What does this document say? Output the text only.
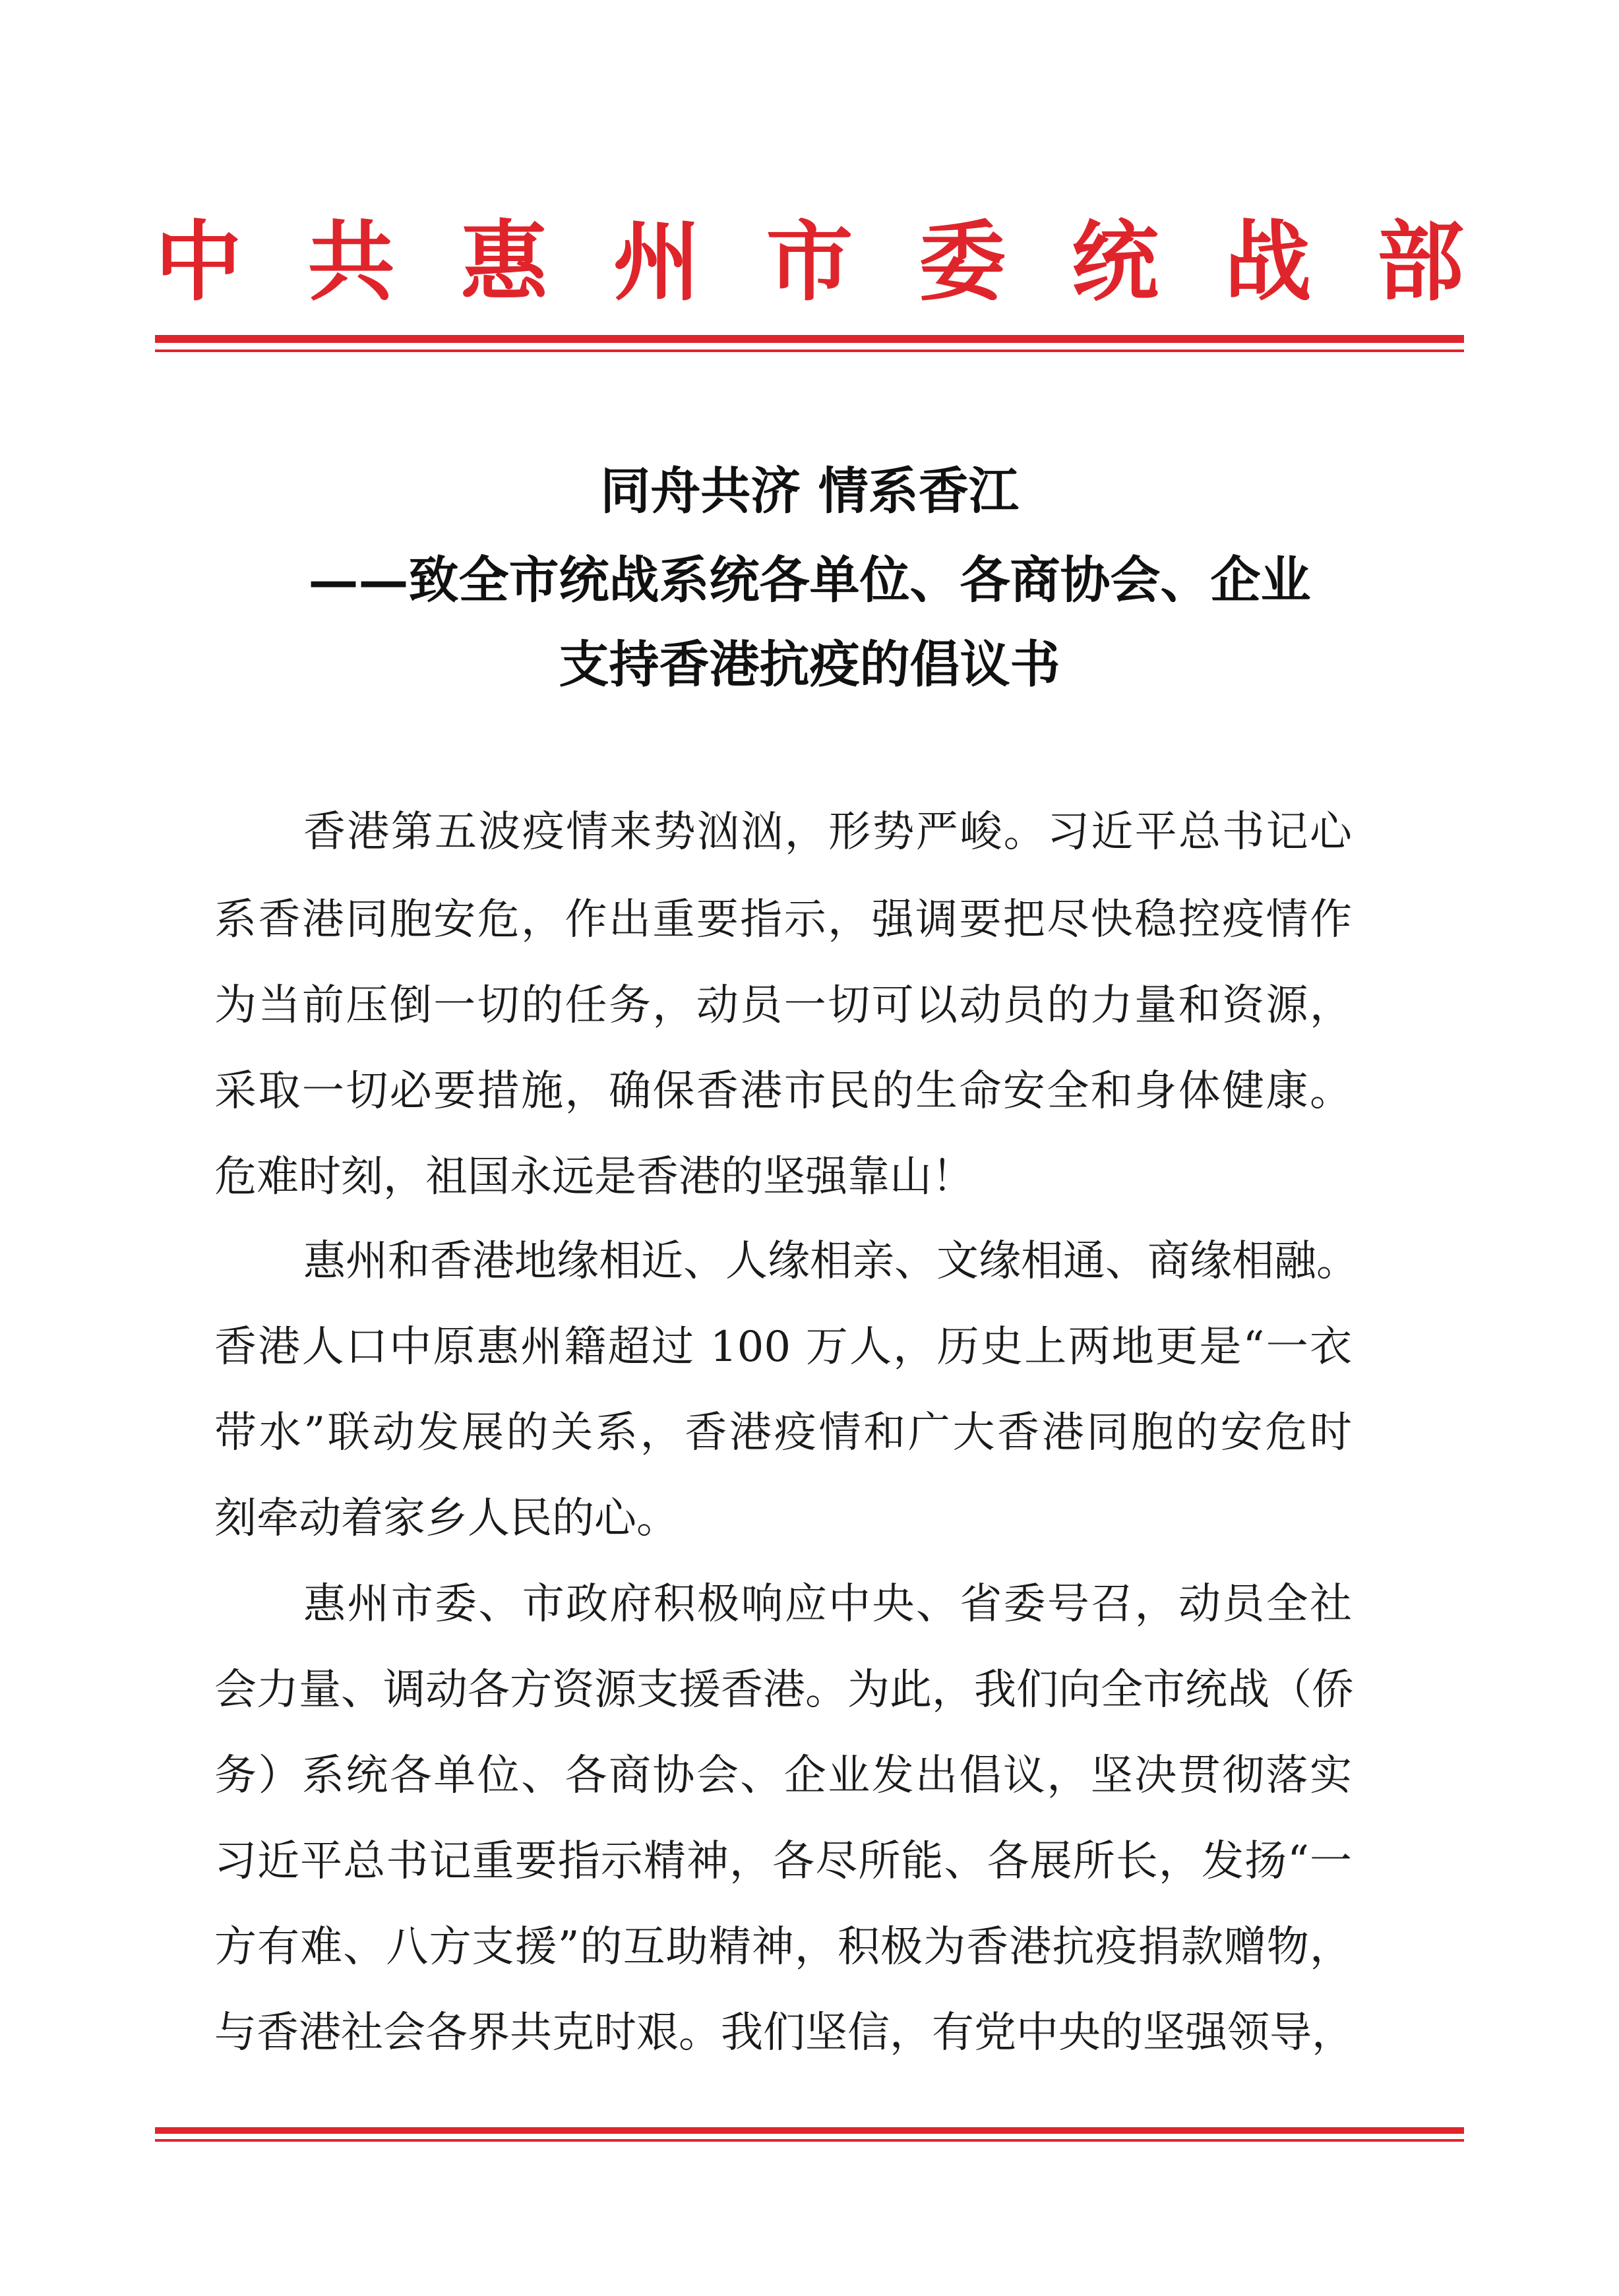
中 共 惠 州 市 委 统 战 部
同舟共济 情系香江
——致全市统战系统各单位、各商协会、企业
支持香港抗疫的倡议书
香港第五波疫情来势汹汹，形势严峻。习近平总书记心
系香港同胞安危，作出重要指示，强调要把尽快稳控疫情作
为当前压倒一切的任务，动员一切可以动员的力量和资源，
采取一切必要措施，确保香港市民的生命安全和身体健康。
危难时刻，祖国永远是香港的坚强靠山！
惠州和香港地缘相近、人缘相亲、文缘相通、商缘相融。
香港人口中原惠州籍超过 100 万人，历史上两地更是“一衣
带水”联动发展的关系，香港疫情和广大香港同胞的安危时
刻牵动着家乡人民的心。
惠州市委、市政府积极响应中央、省委号召，动员全社
会力量、调动各方资源支援香港。为此，我们向全市统战（侨
务）系统各单位、各商协会、企业发出倡议，坚决贯彻落实
习近平总书记重要指示精神，各尽所能、各展所长，发扬“一
方有难、八方支援”的互助精神，积极为香港抗疫捐款赠物，
与香港社会各界共克时艰。我们坚信，有党中央的坚强领导，
